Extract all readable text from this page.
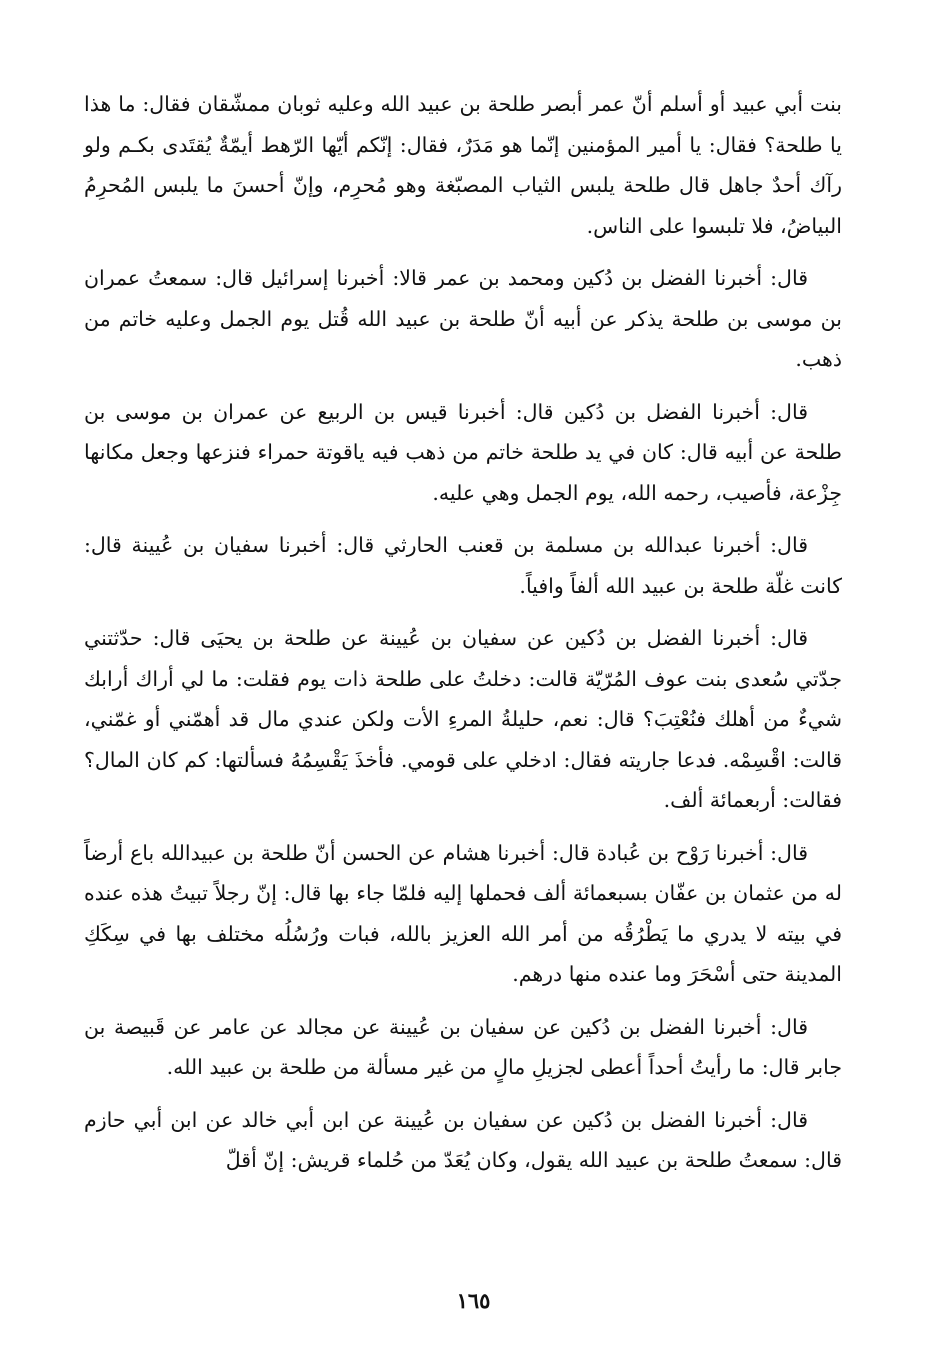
بنت أبي عبيد أو أسلم أنّ عمر أبصر طلحة بن عبيد الله وعليه ثوبان ممشّقان فقال: ما هذا يا طلحة؟ فقال: يا أمير المؤمنين إنّما هو مَدَرٌ، فقال: إنّكم أيّها الرّهط أيمّةٌ يُقتَدى بكـم ولو رآك أحدٌ جاهل قال طلحة يلبس الثياب المصبّغة وهو مُحرِم، وإنّ أحسنَ ما يلبس المُحرِمُ البياضُ، فلا تلبسوا على الناس.

قال: أخبرنا الفضل بن دُكين ومحمد بن عمر قالا: أخبرنا إسرائيل قال: سمعتُ عمران بن موسى بن طلحة يذكر عن أبيه أنّ طلحة بن عبيد الله قُتل يوم الجمل وعليه خاتم من ذهب.

قال: أخبرنا الفضل بن دُكين قال: أخبرنا قيس بن الربيع عن عمران بن موسى بن طلحة عن أبيه قال: كان في يد طلحة خاتم من ذهب فيه ياقوتة حمراء فنزعها وجعل مكانها جِزْعة، فأصيب، رحمه الله، يوم الجمل وهي عليه.

قال: أخبرنا عبدالله بن مسلمة بن قعنب الحارثي قال: أخبرنا سفيان بن عُيينة قال: كانت غلّة طلحة بن عبيد الله ألفاً وافياً.

قال: أخبرنا الفضل بن دُكين عن سفيان بن عُيينة عن طلحة بن يحيَى قال: حدّثتني جدّتي سُعدى بنت عوف المُرّيّة قالت: دخلتُ على طلحة ذات يوم فقلت: ما لي أراك أرابك شيءٌ من أهلك فنُعْتِبَ؟ قال: نعم، حليلةُ المرءِ الأت ولكن عندي مال قد أهمّني أو غمّني، قالت: اقْسِمْه. فدعا جاريته فقال: ادخلي على قومي. فأخذَ يَقْسِمُهُ فسألتها: كم كان المال؟ فقالت: أربعمائة ألف.

قال: أخبرنا رَوْح بن عُبادة قال: أخبرنا هشام عن الحسن أنّ طلحة بن عبيدالله باع أرضاً له من عثمان بن عفّان بسبعمائة ألف فحملها إليه فلمّا جاء بها قال: إنّ رجلاً تبيتُ هذه عنده في بيته لا يدري ما يَطْرُقُه من أمر الله العزيز بالله، فبات ورُسُلُه مختلف بها في سِكَكِ المدينة حتى أسْحَرَ وما عنده منها درهم.

قال: أخبرنا الفضل بن دُكين عن سفيان بن عُيينة عن مجالد عن عامر عن قَبيصة بن جابر قال: ما رأيتُ أحداً أعطى لجزيلِ مالٍ من غير مسألة من طلحة بن عبيد الله.

قال: أخبرنا الفضل بن دُكين عن سفيان بن عُيينة عن ابن أبي خالد عن ابن أبي حازم قال: سمعتُ طلحة بن عبيد الله يقول، وكان يُعَدّ من حُلماء قريش: إنّ أقلّ

١٦٥
